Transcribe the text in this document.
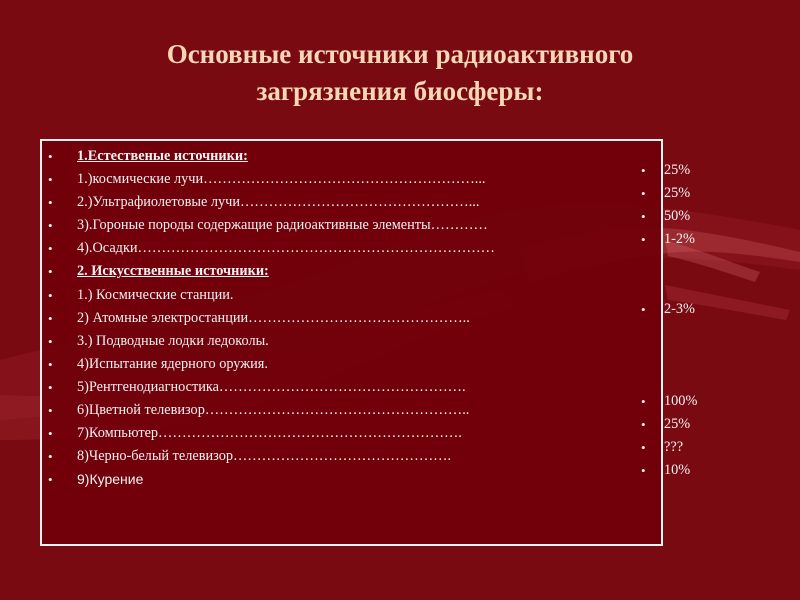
Основные источники радиоактивного
загрязнения биосферы:
• 1.Естественые источники:
• 1.)космические лучи…………………………………………………...
• 2.)Ультрафиолетовые лучи…………………………………………...
• 3).Гороные породы содержащие радиоактивные элементы…………
• 4).Осадки…………………………………………………………………
• 2. Искусственные источники:
• 1.) Космические станции.
• 2) Атомные электростанции………………………………………..
• 3.) Подводные лодки ледоколы.
• 4)Испытание ядерного оружия.
• 5)Рентгенодиагностика…………………………………………….
• 6)Цветной телевизор………………………………………………..
• 7)Компьютер……………………………………………………….
• 8)Черно-белый телевизор……………………………………….
• 9)Курение
• 25%
• 25%
• 50%
• 1-2%
• 2-3%
• 100%
• 25%
• ???
• 10%
